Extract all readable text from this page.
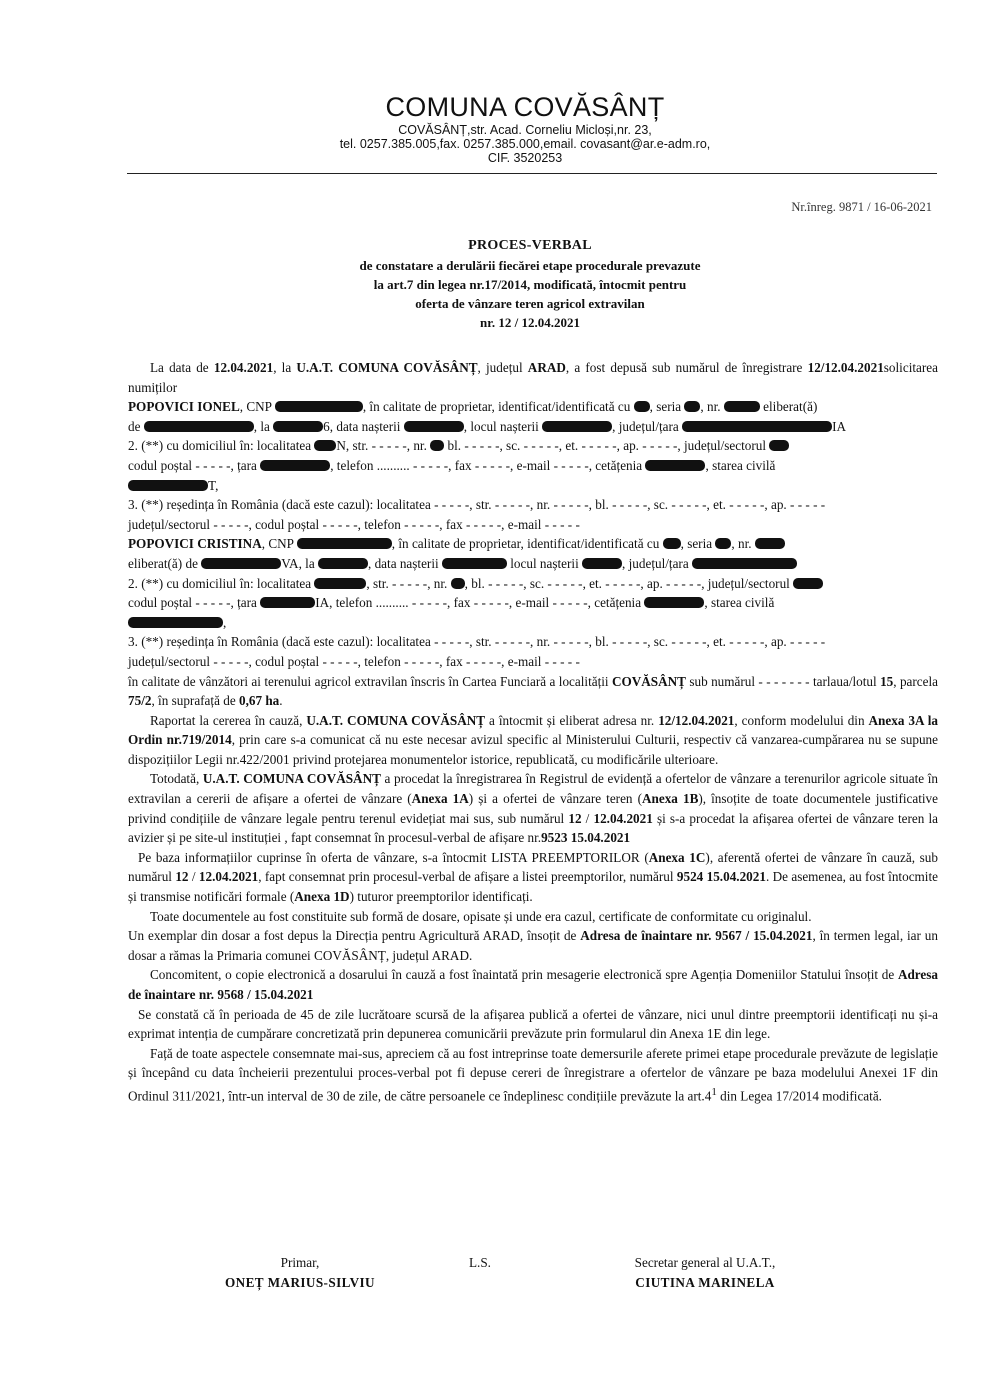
COMUNA COVĂSÂNȚ
COVĂSÂNȚ,str. Acad. Corneliu Micloși,nr. 23,
tel. 0257.385.005,fax. 0257.385.000,email. covasant@ar.e-adm.ro,
CIF. 3520253
Nr.înreg. 9871 / 16-06-2021
PROCES-VERBAL
de constatare a derulării fiecărei etape procedurale prevazute
la art.7 din legea nr.17/2014, modificată, întocmit pentru
oferta de vânzare teren agricol extravilan
nr. 12 / 12.04.2021

La data de 12.04.2021, la U.A.T. COMUNA COVĂSÂNȚ, județul ARAD, a fost depusă sub numărul de înregistrare 12/12.04.2021solicitarea numiților

POPOVICI IONEL, CNP	, în calitate de proprietar, identificat/identificată cu , seria , nr.	eliberat(ă)

de	, la	6, data nașterii	, locul nașterii	, județul/țara	IA

2. (**) cu domiciliul în: localitatea N, str. - - - - -, nr.  bl. - - - - -, sc. - - - - -, et. - - - - -, ap. - - - - -, județul/sectorul

codul poștal - - - - -, țara	, telefon .......... - - - - -, fax - - - - -, e-mail - - - - -, cetățenia	, starea civilă

T,

3. (**) reședința în România (dacă este cazul): localitatea - - - - -, str. - - - - -, nr. - - - - -, bl. - - - - -, sc. - - - - -, et. - - - - -, ap. - - - - -

județul/sectorul - - - - -, codul poștal - - - - -, telefon - - - - -, fax - - - - -, e-mail - - - - -

POPOVICI CRISTINA, CNP	, în calitate de proprietar, identificat/identificată cu , seria , nr.

eliberat(ă) de	VA, la	, data nașterii	locul nașterii	, județul/țara

2. (**) cu domiciliul în: localitatea	, str. - - - - -, nr. , bl. - - - - -, sc. - - - - -, et. - - - - -, ap. - - - - -, județul/sectorul

codul poștal - - - - -, țara	IA, telefon .......... - - - - -, fax - - - - -, e-mail - - - - -, cetățenia	, starea civilă

,

3. (**) reședința în România (dacă este cazul): localitatea - - - - -, str. - - - - -, nr. - - - - -, bl. - - - - -, sc. - - - - -, et. - - - - -, ap. - - - - -

județul/sectorul - - - - -, codul poștal - - - - -, telefon - - - - -, fax - - - - -, e-mail - - - - -

în calitate de vânzători ai terenului agricol extravilan înscris în Cartea Funciară a localității COVĂSÂNȚ sub numărul - - - - - - - tarlaua/lotul 15, parcela 75/2, în suprafață de 0,67 ha.

Raportat la cererea în cauză, U.A.T. COMUNA COVĂSÂNȚ a întocmit și eliberat adresa nr. 12/12.04.2021, conform modelului din Anexa 3A la Ordin nr.719/2014, prin care s-a comunicat că nu este necesar avizul specific al Ministerului Culturii, respectiv că vanzarea-cumpărarea nu se supune dispozițiilor Legii nr.422/2001 privind protejarea monumentelor istorice, republicată, cu modificările ulterioare.

Totodată, U.A.T. COMUNA COVĂSÂNȚ a procedat la înregistrarea în Registrul de evidență a ofertelor de vânzare a terenurilor agricole situate în extravilan a cererii de afișare a ofertei de vânzare (Anexa 1A) și a ofertei de vânzare teren (Anexa 1B), însoțite de toate documentele justificative privind condițiile de vânzare legale pentru terenul evidețiat mai sus, sub numărul 12 / 12.04.2021 și s-a procedat la afișarea ofertei de vânzare teren la avizier și pe site-ul instituției , fapt consemnat în procesul-verbal de afișare nr.9523 15.04.2021

Pe baza informațiilor cuprinse în oferta de vânzare, s-a întocmit LISTA PREEMPTORILOR (Anexa 1C), aferentă ofertei de vânzare în cauză, sub numărul 12 / 12.04.2021, fapt consemnat prin procesul-verbal de afișare a listei preemptorilor, numărul 9524 15.04.2021. De asemenea, au fost întocmite și transmise notificări formale (Anexa 1D) tuturor preemptorilor identificați.

Toate documentele au fost constituite sub formă de dosare, opisate și unde era cazul, certificate de conformitate cu originalul.

Un exemplar din dosar a fost depus la Direcția pentru Agricultură ARAD, însoțit de Adresa de înaintare nr. 9567 / 15.04.2021, în termen legal, iar un dosar a rămas la Primaria comunei COVĂSÂNȚ, județul ARAD.

Concomitent, o copie electronică a dosarului în cauză a fost înaintată prin mesagerie electronică spre Agenția Domeniilor Statului însoțit de Adresa de înaintare nr. 9568 / 15.04.2021

Se constată că în perioada de 45 de zile lucrătoare scursă de la afișarea publică a ofertei de vânzare, nici unul dintre preemptorii identificați nu și-a exprimat intenția de cumpărare concretizată prin depunerea comunicării prevăzute prin formularul din Anexa 1E din lege.

Față de toate aspectele consemnate mai-sus, apreciem că au fost intreprinse toate demersurile aferete primei etape procedurale prevăzute de legislație și începând cu data încheierii prezentului proces-verbal pot fi depuse cereri de înregistrare a ofertelor de vânzare pe baza modelului Anexei 1F din Ordinul 311/2021, într-un interval de 30 de zile, de către persoanele ce îndeplinesc condițiile prevăzute la $art.4^1$ din Legea 17/2014 modificată.

Primar,
ONEȚ MARIUS-SILVIU
L.S.	Secretar general al U.A.T.,
CIUTINA MARINELA
